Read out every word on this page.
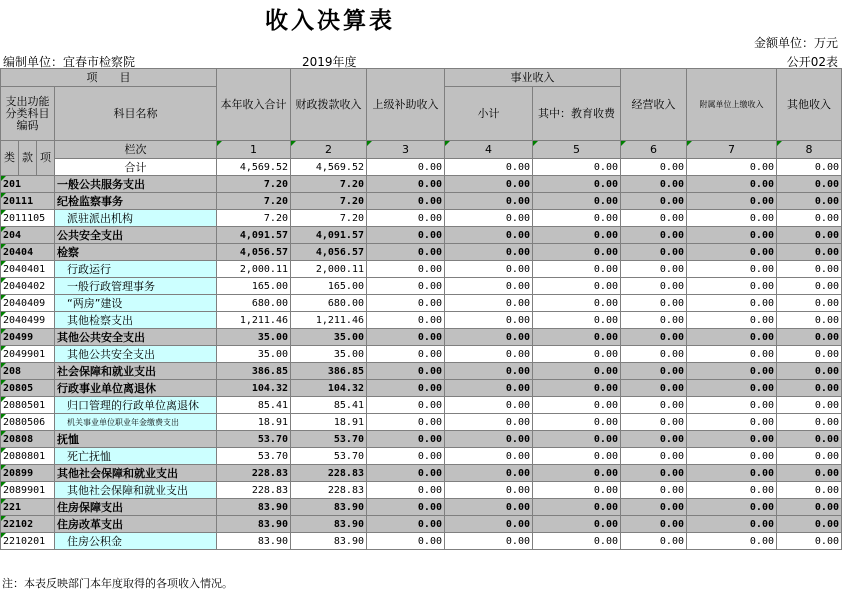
收入决算表
金额单位：万元
编制单位：宜春市检察院	2019年度	公开02表
项　　目				本年收入合计	财政拨款收入	上级补助收入	事业收入		经营收入	附属单位上缴收入	其他收入
支出功能分类科目编码			科目名称				小计	其中：教育收费			

类	款	项	栏次	1	2	3	4	5	6	7	8
			合计	4,569.52	4,569.52	0.00	0.00	0.00	0.00	0.00	0.00
201			一般公共服务支出	7.20	7.20	0.00	0.00	0.00	0.00	0.00	0.00
20111			纪检监察事务	7.20	7.20	0.00	0.00	0.00	0.00	0.00	0.00
2011105			派驻派出机构	7.20	7.20	0.00	0.00	0.00	0.00	0.00	0.00
204			公共安全支出	4,091.57	4,091.57	0.00	0.00	0.00	0.00	0.00	0.00
20404			检察	4,056.57	4,056.57	0.00	0.00	0.00	0.00	0.00	0.00
2040401			行政运行	2,000.11	2,000.11	0.00	0.00	0.00	0.00	0.00	0.00
2040402			一般行政管理事务	165.00	165.00	0.00	0.00	0.00	0.00	0.00	0.00
2040409			“两房”建设	680.00	680.00	0.00	0.00	0.00	0.00	0.00	0.00
2040499			其他检察支出	1,211.46	1,211.46	0.00	0.00	0.00	0.00	0.00	0.00
20499			其他公共安全支出	35.00	35.00	0.00	0.00	0.00	0.00	0.00	0.00
2049901			其他公共安全支出	35.00	35.00	0.00	0.00	0.00	0.00	0.00	0.00
208			社会保障和就业支出	386.85	386.85	0.00	0.00	0.00	0.00	0.00	0.00
20805			行政事业单位离退休	104.32	104.32	0.00	0.00	0.00	0.00	0.00	0.00
2080501			归口管理的行政单位离退休	85.41	85.41	0.00	0.00	0.00	0.00	0.00	0.00
2080506			机关事业单位职业年金缴费支出	18.91	18.91	0.00	0.00	0.00	0.00	0.00	0.00
20808			抚恤	53.70	53.70	0.00	0.00	0.00	0.00	0.00	0.00
2080801			死亡抚恤	53.70	53.70	0.00	0.00	0.00	0.00	0.00	0.00
20899			其他社会保障和就业支出	228.83	228.83	0.00	0.00	0.00	0.00	0.00	0.00
2089901			其他社会保障和就业支出	228.83	228.83	0.00	0.00	0.00	0.00	0.00	0.00
221			住房保障支出	83.90	83.90	0.00	0.00	0.00	0.00	0.00	0.00
22102			住房改革支出	83.90	83.90	0.00	0.00	0.00	0.00	0.00	0.00
2210201			住房公积金	83.90	83.90	0.00	0.00	0.00	0.00	0.00	0.00
注：本表反映部门本年度取得的各项收入情况。
